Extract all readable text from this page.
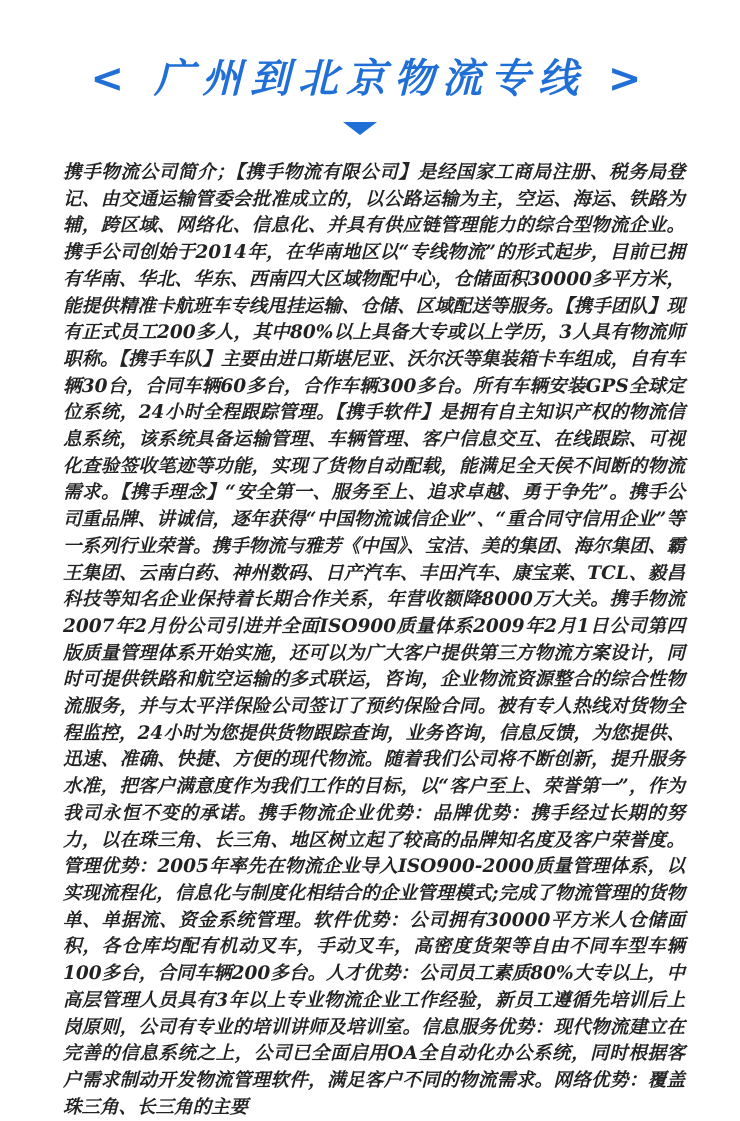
< 广州到北京物流专线 >

携手物流公司简介；【携手物流有限公司】是经国家工商局注册、税务局登记、由交通运输管委会批准成立的，以公路运输为主，空运、海运、铁路为辅，跨区域、网络化、信息化、并具有供应链管理能力的综合型物流企业。携手公司创始于2014年，在华南地区以“专线物流”的形式起步，目前已拥有华南、华北、华东、西南四大区域物配中心，仓储面积30000多平方米，能提供精准卡航班车专线甩挂运输、仓储、区域配送等服务。【携手团队】现有正式员工200多人，其中80%以上具备大专或以上学历，3人具有物流师职称。【携手车队】主要由进口斯堪尼亚、沃尔沃等集装箱卡车组成，自有车辆30台，合同车辆60多台，合作车辆300多台。所有车辆安装GPS全球定位系统，24小时全程跟踪管理。【携手软件】是拥有自主知识产权的物流信息系统，该系统具备运输管理、车辆管理、客户信息交互、在线跟踪、可视化查验签收笔迹等功能，实现了货物自动配载，能满足全天侯不间断的物流需求。【携手理念】“安全第一、服务至上、追求卓越、勇于争先”。携手公司重品牌、讲诚信，逐年获得“中国物流诚信企业”、“重合同守信用企业”等一系列行业荣誉。携手物流与雅芳《中国》、宝洁、美的集团、海尔集团、霸王集团、云南白药、神州数码、日产汽车、丰田汽车、康宝莱、TCL、毅昌科技等知名企业保持着长期合作关系，年营收额降8000万大关。携手物流2007年2月份公司引进并全面ISO900质量体系2009年2月1日公司第四版质量管理体系开始实施，还可以为广大客户提供第三方物流方案设计，同时可提供铁路和航空运输的多式联运，咨询，企业物流资源整合的综合性物流服务，并与太平洋保险公司签订了预约保险合同。被有专人热线对货物全程监控，24小时为您提供货物跟踪查询，业务咨询，信息反馈，为您提供、迅速、准确、快捷、方便的现代物流。随着我们公司将不断创新，提升服务水准，把客户满意度作为我们工作的目标，以“客户至上、荣誉第一”，作为我司永恒不变的承诺。携手物流企业优势：品牌优势：携手经过长期的努力，以在珠三角、长三角、地区树立起了较高的品牌知名度及客户荣誉度。管理优势：2005年率先在物流企业导入ISO900-2000质量管理体系，以实现流程化，信息化与制度化相结合的企业管理模式;完成了物流管理的货物单、单据流、资金系统管理。软件优势：公司拥有30000平方米人仓储面积，各仓库均配有机动叉车，手动叉车，高密度货架等自由不同车型车辆100多台，合同车辆200多台。人才优势：公司员工素质80%大专以上，中高层管理人员具有3年以上专业物流企业工作经验，新员工遵循先培训后上岗原则，公司有专业的培训讲师及培训室。信息服务优势：现代物流建立在完善的信息系统之上，公司已全面启用OA全自动化办公系统，同时根据客户需求制动开发物流管理软件，满足客户不同的物流需求。网络优势：覆盖珠三角、长三角的主要
